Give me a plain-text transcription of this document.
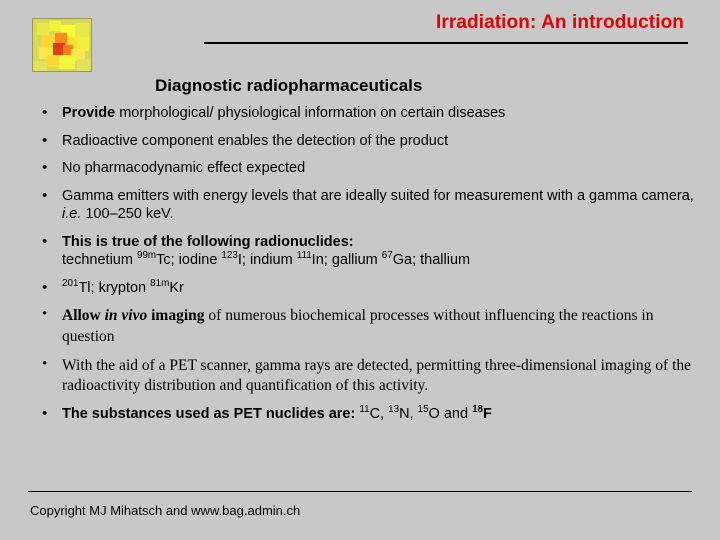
Irradiation: An introduction
Diagnostic radiopharmaceuticals
• Provide morphological/ physiological information on certain diseases
• Radioactive component enables the detection of the product
• No pharmacodynamic effect expected
• Gamma emitters with energy levels that are ideally suited for measurement with a gamma camera, i.e. 100–250 keV.
• This is true of the following radionuclides:
technetium $^{99m}$Tc; iodine $^{123}$I; indium $^{111}$In; gallium $^{67}$Ga; thallium
• $^{201}$Tl; krypton $^{81m}$Kr
• Allow in vivo imaging of numerous biochemical processes without influencing the reactions in question
• With the aid of a PET scanner, gamma rays are detected, permitting three-dimensional imaging of the radioactivity distribution and quantification of this activity.
• The substances used as PET nuclides are: $^{11}$C, $^{13}$N, $^{15}$O and $^{18}$F
Copyright MJ Mihatsch and www.bag.admin.ch
